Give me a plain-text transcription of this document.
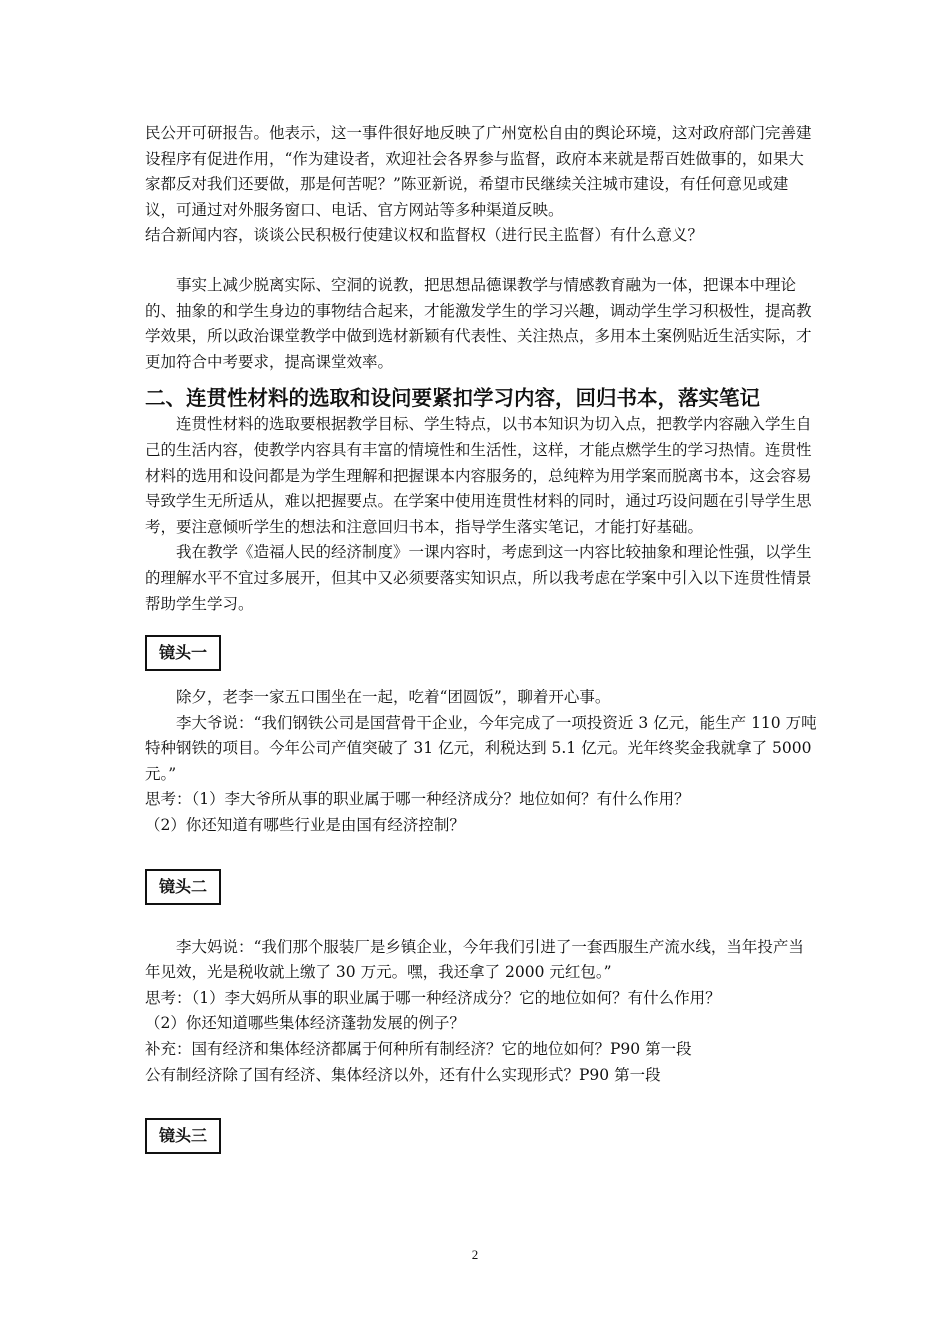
民公开可研报告。他表示，这一事件很好地反映了广州宽松自由的舆论环境，这对政府部门完善建设程序有促进作用，“作为建设者，欢迎社会各界参与监督，政府本来就是帮百姓做事的，如果大家都反对我们还要做，那是何苦呢？”陈亚新说，希望市民继续关注城市建设，有任何意见或建议，可通过对外服务窗口、电话、官方网站等多种渠道反映。

结合新闻内容，谈谈公民积极行使建议权和监督权（进行民主监督）有什么意义？

事实上减少脱离实际、空洞的说教，把思想品德课教学与情感教育融为一体，把课本中理论的、抽象的和学生身边的事物结合起来，才能激发学生的学习兴趣，调动学生学习积极性，提高教学效果，所以政治课堂教学中做到选材新颖有代表性、关注热点，多用本土案例贴近生活实际，才更加符合中考要求，提高课堂效率。

二、连贯性材料的选取和设问要紧扣学习内容，回归书本，落实笔记

连贯性材料的选取要根据教学目标、学生特点，以书本知识为切入点，把教学内容融入学生自己的生活内容，使教学内容具有丰富的情境性和生活性，这样，才能点燃学生的学习热情。连贯性材料的选用和设问都是为学生理解和把握课本内容服务的，总纯粹为用学案而脱离书本，这会容易导致学生无所适从，难以把握要点。在学案中使用连贯性材料的同时，通过巧设问题在引导学生思考，要注意倾听学生的想法和注意回归书本，指导学生落实笔记，才能打好基础。

我在教学《造福人民的经济制度》一课内容时，考虑到这一内容比较抽象和理论性强，以学生的理解水平不宜过多展开，但其中又必须要落实知识点，所以我考虑在学案中引入以下连贯性情景帮助学生学习。

镜头一

除夕，老李一家五口围坐在一起，吃着“团圆饭”，聊着开心事。

李大爷说：“我们钢铁公司是国营骨干企业，今年完成了一项投资近 3 亿元，能生产 110 万吨特种钢铁的项目。今年公司产值突破了 31 亿元，利税达到 5.1 亿元。光年终奖金我就拿了 5000 元。”

思考：（1）李大爷所从事的职业属于哪一种经济成分？地位如何？有什么作用？

（2）你还知道有哪些行业是由国有经济控制？

镜头二

李大妈说：“我们那个服装厂是乡镇企业，今年我们引进了一套西服生产流水线，当年投产当年见效，光是税收就上缴了 30 万元。嘿，我还拿了 2000 元红包。”

思考：（1）李大妈所从事的职业属于哪一种经济成分？它的地位如何？有什么作用？

（2）你还知道哪些集体经济蓬勃发展的例子？

补充：国有经济和集体经济都属于何种所有制经济？它的地位如何？P90 第一段

公有制经济除了国有经济、集体经济以外，还有什么实现形式？P90 第一段

镜头三
2
